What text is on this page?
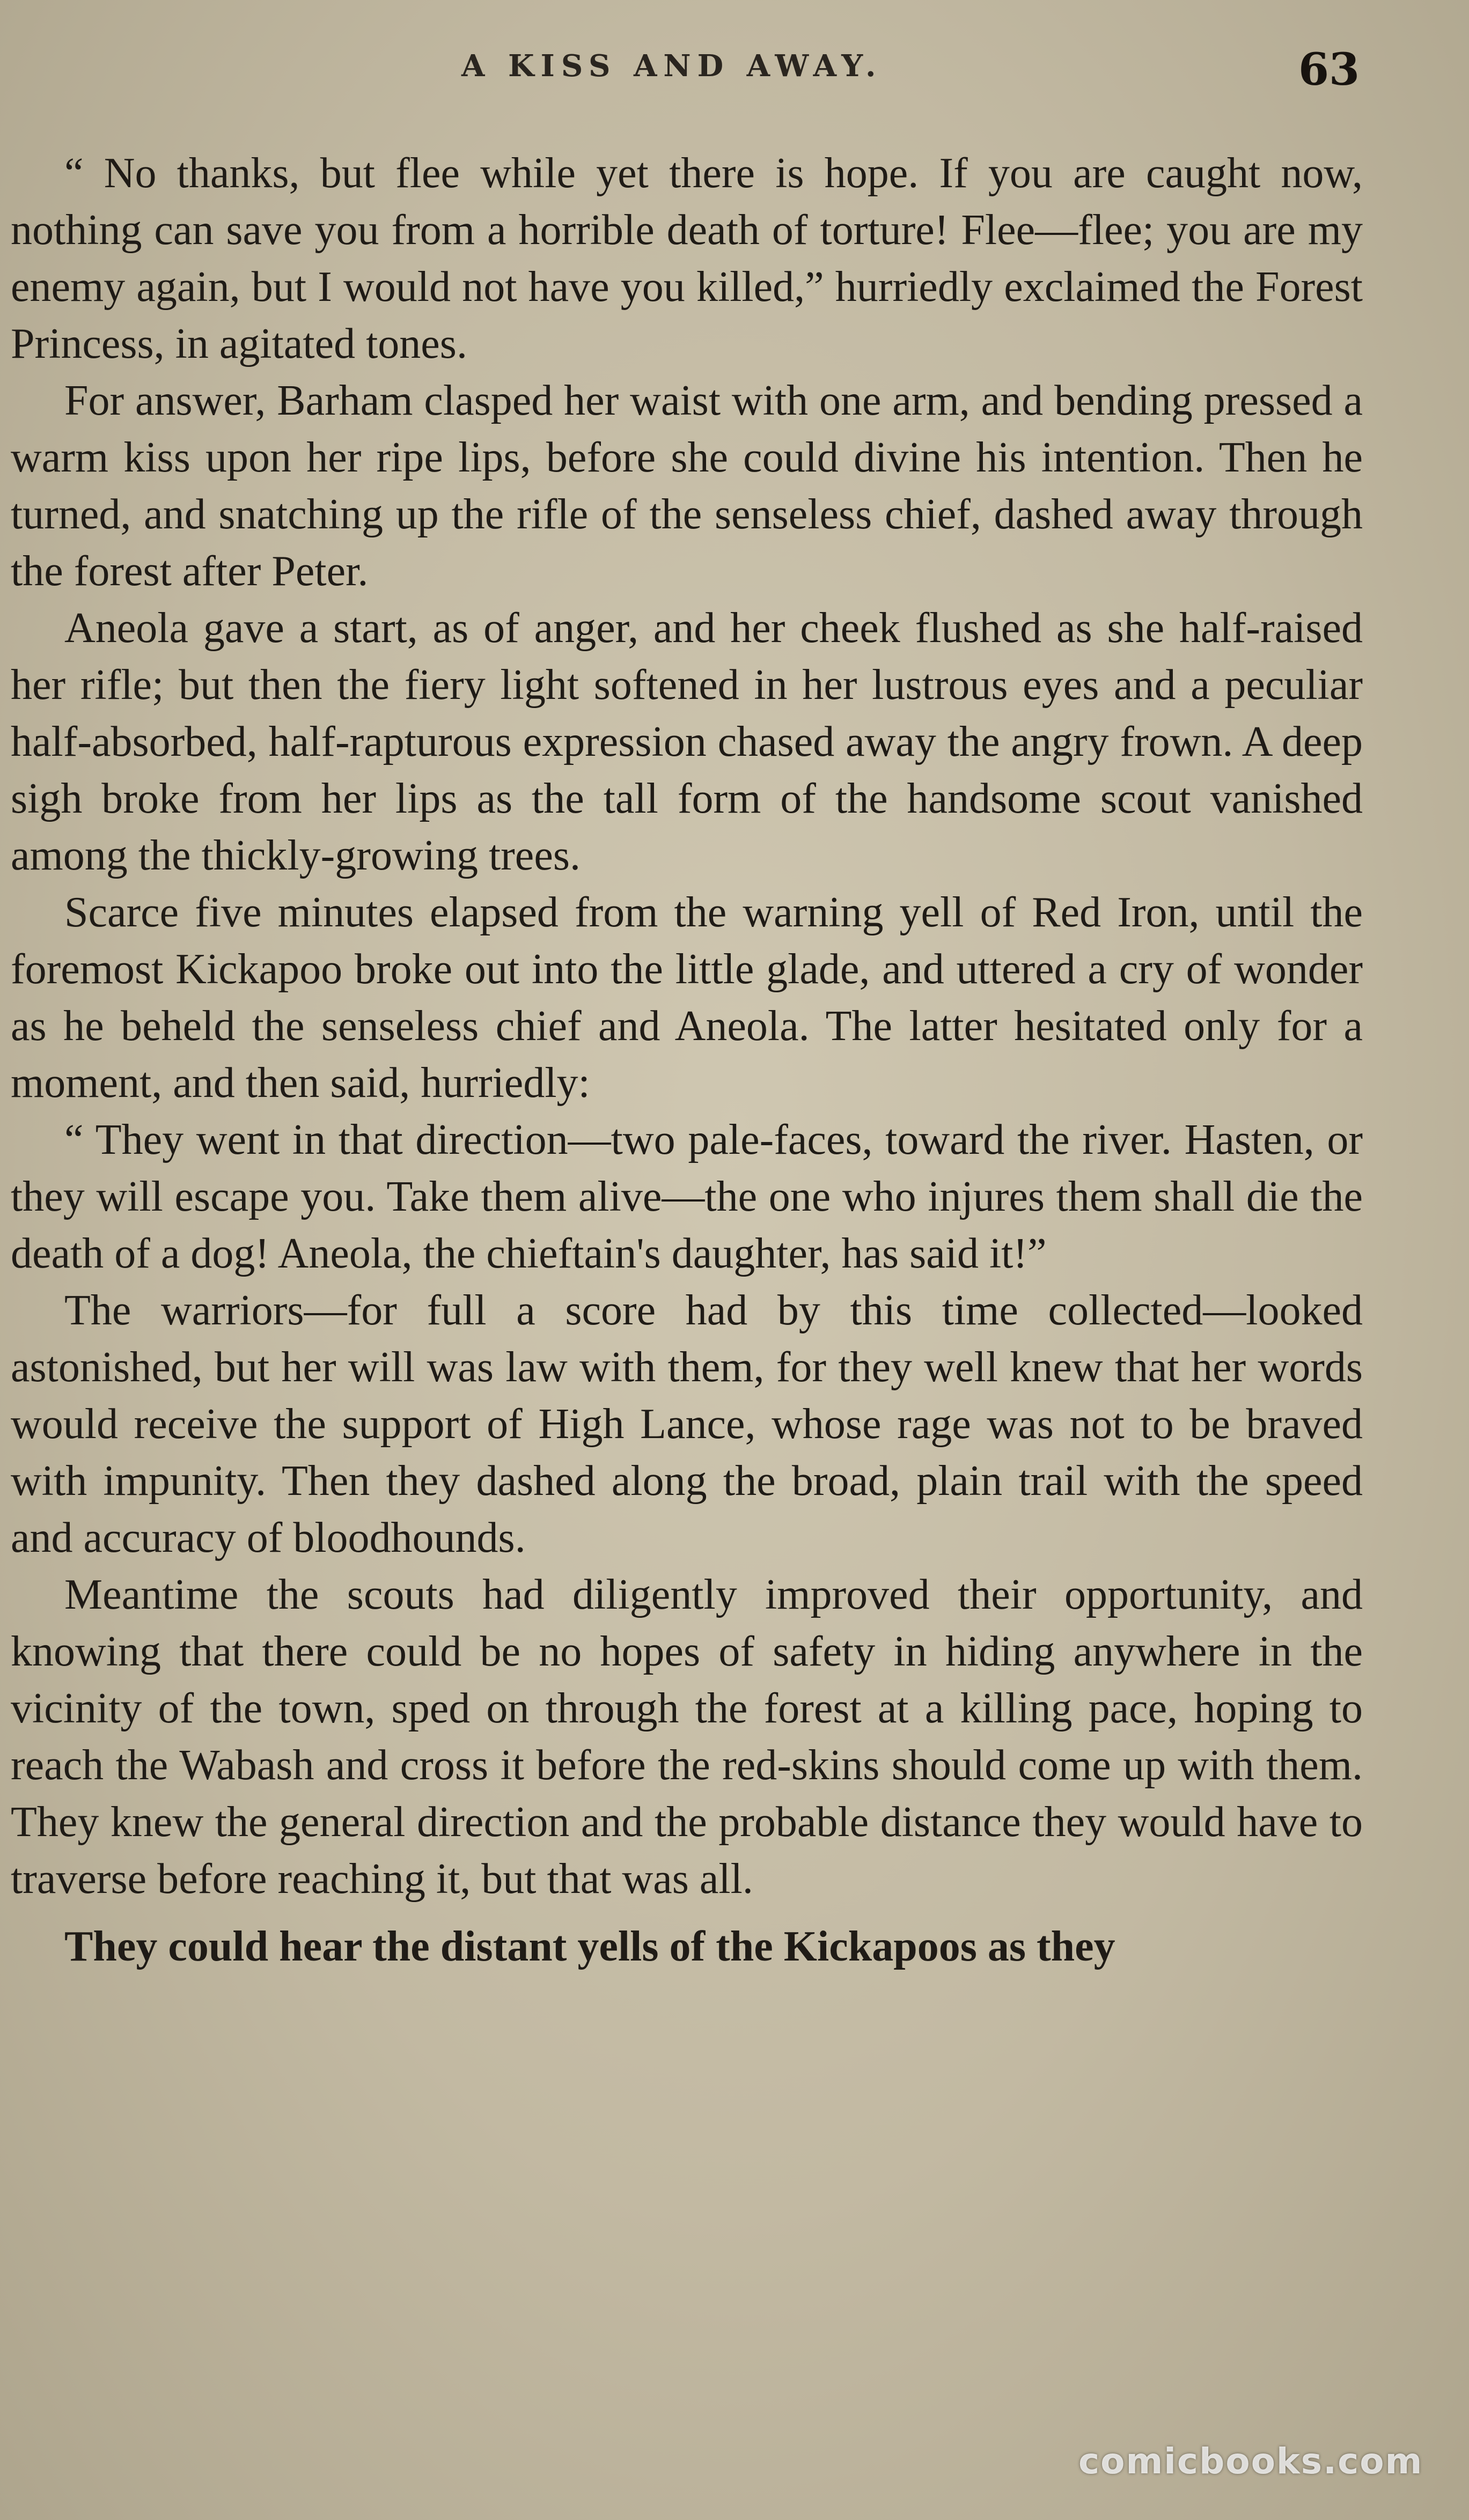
A KISS AND AWAY.	63

“ No thanks, but flee while yet there is hope. If you are caught now, nothing can save you from a horrible death of torture! Flee—flee; you are my enemy again, but I would not have you killed,” hurriedly exclaimed the Forest Princess, in agitated tones.

For answer, Barham clasped her waist with one arm, and bending pressed a warm kiss upon her ripe lips, before she could divine his intention. Then he turned, and snatching up the rifle of the senseless chief, dashed away through the forest after Peter.

Aneola gave a start, as of anger, and her cheek flushed as she half-raised her rifle; but then the fiery light softened in her lustrous eyes and a peculiar half-absorbed, half-rapturous expression chased away the angry frown. A deep sigh broke from her lips as the tall form of the handsome scout vanished among the thickly-growing trees.

Scarce five minutes elapsed from the warning yell of Red Iron, until the foremost Kickapoo broke out into the little glade, and uttered a cry of wonder as he beheld the senseless chief and Aneola. The latter hesitated only for a moment, and then said, hurriedly:

“ They went in that direction—two pale-faces, toward the river. Hasten, or they will escape you. Take them alive—the one who injures them shall die the death of a dog! Aneola, the chieftain's daughter, has said it!”

The warriors—for full a score had by this time collected—looked astonished, but her will was law with them, for they well knew that her words would receive the support of High Lance, whose rage was not to be braved with impunity. Then they dashed along the broad, plain trail with the speed and accuracy of bloodhounds.

Meantime the scouts had diligently improved their opportunity, and knowing that there could be no hopes of safety in hiding anywhere in the vicinity of the town, sped on through the forest at a killing pace, hoping to reach the Wabash and cross it before the red-skins should come up with them. They knew the general direction and the probable distance they would have to traverse before reaching it, but that was all.

They could hear the distant yells of the Kickapoos as they

comicbooks.com
